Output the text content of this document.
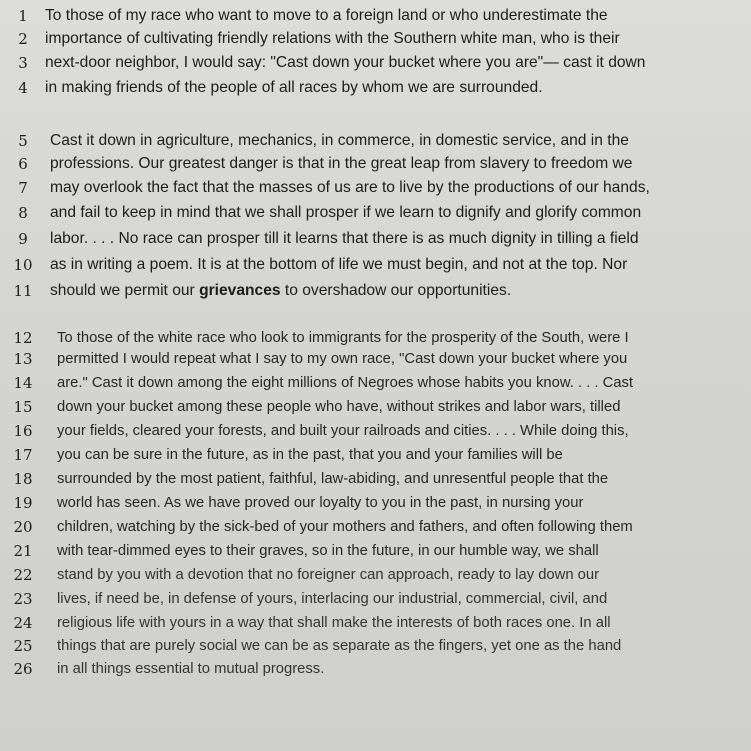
1	To those of my race who want to move to a foreign land or who underestimate the
2	importance of cultivating friendly relations with the Southern white man, who is their
3	next-door neighbor, I would say: "Cast down your bucket where you are"— cast it down
4	in making friends of the people of all races by whom we are surrounded.
5	Cast it down in agriculture, mechanics, in commerce, in domestic service, and in the
6	professions. Our greatest danger is that in the great leap from slavery to freedom we
7	may overlook the fact that the masses of us are to live by the productions of our hands,
8	and fail to keep in mind that we shall prosper if we learn to dignify and glorify common
9	labor. . . . No race can prosper till it learns that there is as much dignity in tilling a field
10 as in writing a poem. It is at the bottom of life we must begin, and not at the top. Nor
11 should we permit our grievances to overshadow our opportunities.
12 To those of the white race who look to immigrants for the prosperity of the South, were I
13 permitted I would repeat what I say to my own race, "Cast down your bucket where you
14 are." Cast it down among the eight millions of Negroes whose habits you know. . . . Cast
15 down your bucket among these people who have, without strikes and labor wars, tilled
16 your fields, cleared your forests, and built your railroads and cities. . . . While doing this,
17 you can be sure in the future, as in the past, that you and your families will be
18 surrounded by the most patient, faithful, law-abiding, and unresentful people that the
19 world has seen. As we have proved our loyalty to you in the past, in nursing your
20 children, watching by the sick-bed of your mothers and fathers, and often following them
21 with tear-dimmed eyes to their graves, so in the future, in our humble way, we shall
22 stand by you with a devotion that no foreigner can approach, ready to lay down our
23 lives, if need be, in defense of yours, interlacing our industrial, commercial, civil, and
24 religious life with yours in a way that shall make the interests of both races one. In all
25 things that are purely social we can be as separate as the fingers, yet one as the hand
26 in all things essential to mutual progress.
